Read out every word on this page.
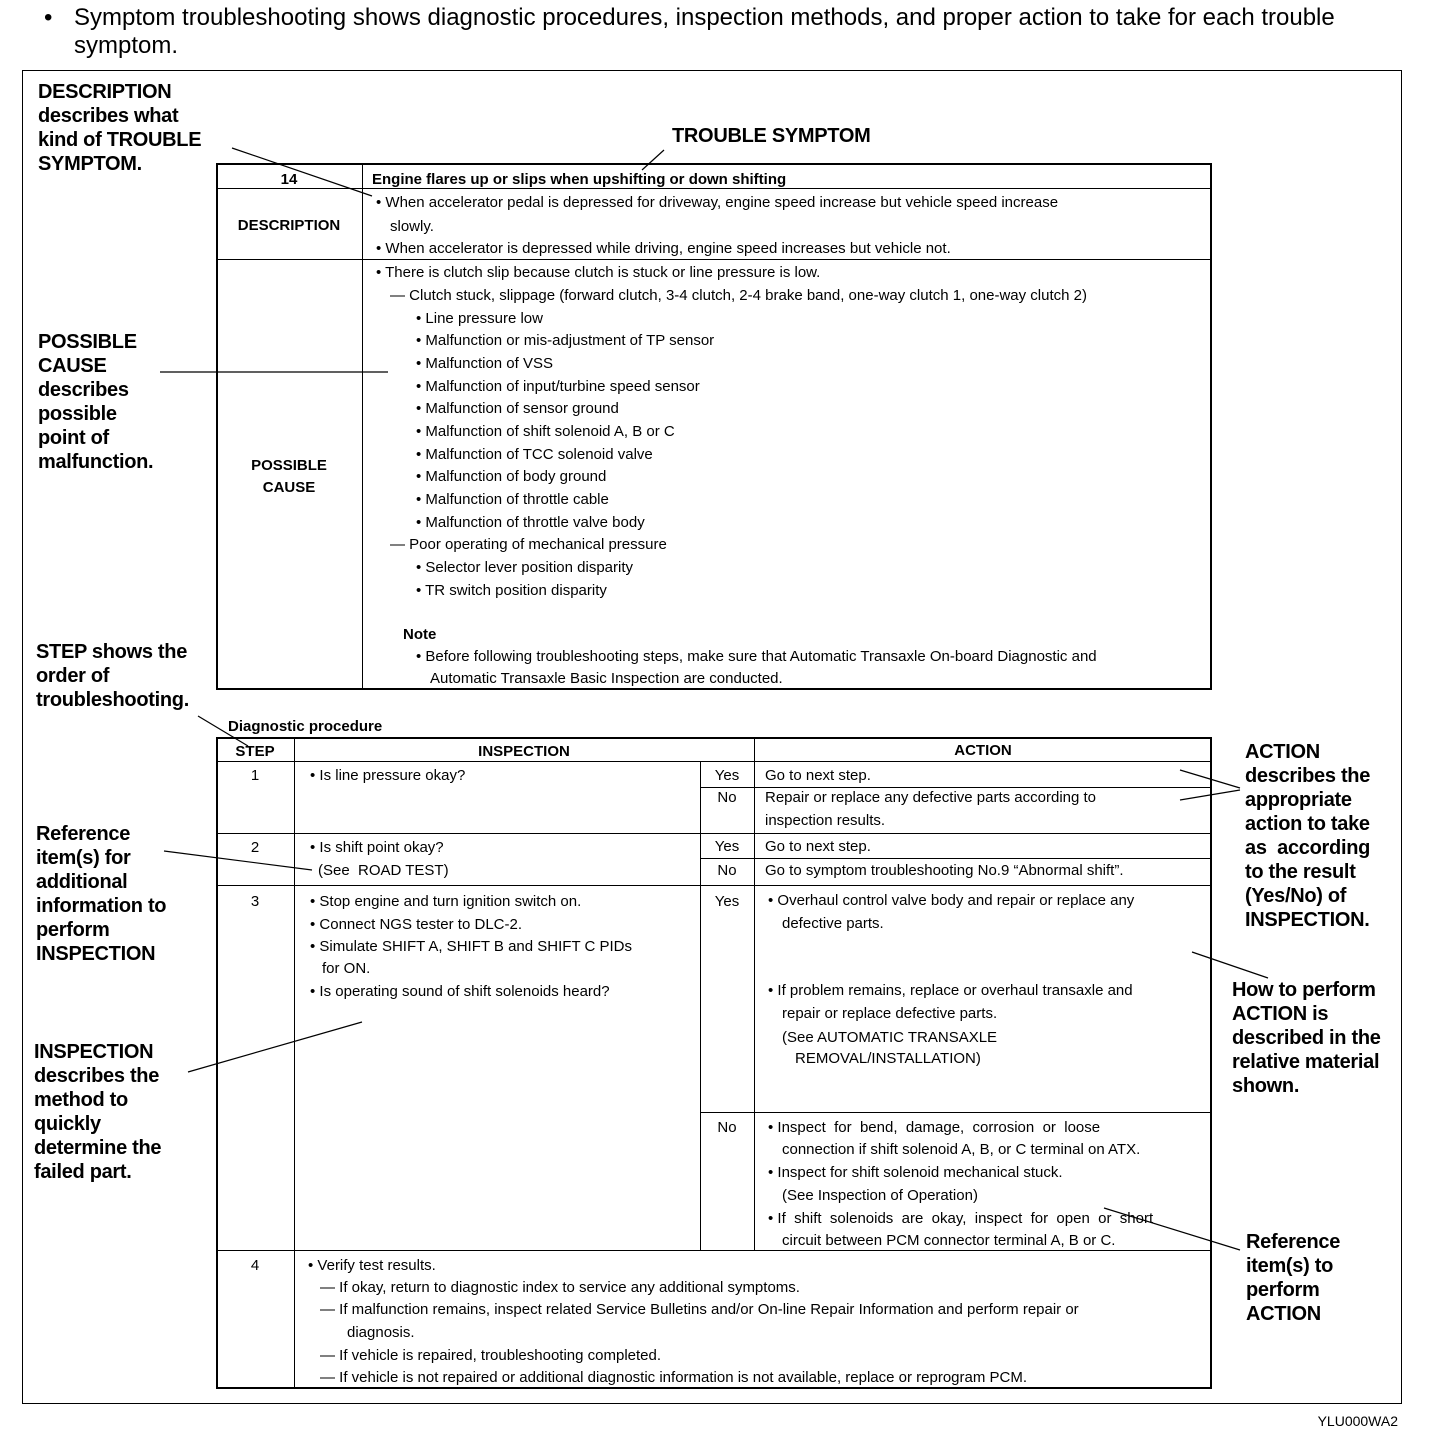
• Symptom troubleshooting shows diagnostic procedures, inspection methods, and proper action to take for each trouble symptom.
DESCRIPTION
describes what
kind of TROUBLE
SYMPTOM.
TROUBLE SYMPTOM
POSSIBLE
CAUSE
describes
possible
point of
malfunction.
STEP shows the
order of
troubleshooting.
Reference
item(s) for
additional
information to
perform
INSPECTION
INSPECTION
describes the
method to
quickly
determine the
failed part.
ACTION
describes the
appropriate
action to take
as  according
to the result
(Yes/No) of
INSPECTION.
How to perform
ACTION is
described in the
relative material
shown.
Reference
item(s) to
perform
ACTION
14	Engine flares up or slips when upshifting or down shifting
DESCRIPTION
• When accelerator pedal is depressed for driveway, engine speed increase but vehicle speed increase
slowly.
• When accelerator is depressed while driving, engine speed increases but vehicle not.
POSSIBLE
CAUSE
• There is clutch slip because clutch is stuck or line pressure is low.
— Clutch stuck, slippage (forward clutch, 3-4 clutch, 2-4 brake band, one-way clutch 1, one-way clutch 2)
• Line pressure low
• Malfunction or mis-adjustment of TP sensor
• Malfunction of VSS
• Malfunction of input/turbine speed sensor
• Malfunction of sensor ground
• Malfunction of shift solenoid A, B or C
• Malfunction of TCC solenoid valve
• Malfunction of body ground
• Malfunction of throttle cable
• Malfunction of throttle valve body
— Poor operating of mechanical pressure
• Selector lever position disparity
• TR switch position disparity
Note
• Before following troubleshooting steps, make sure that Automatic Transaxle On-board Diagnostic and
Automatic Transaxle Basic Inspection are conducted.
Diagnostic procedure
STEP	INSPECTION	ACTION
1	• Is line pressure okay?	Yes	Go to next step.
No	Repair or replace any defective parts according to
inspection results.
2	• Is shift point okay?
(See  ROAD TEST)
Yes	Go to next step.
No	Go to symptom troubleshooting No.9 “Abnormal shift”.
3	• Stop engine and turn ignition switch on.
• Connect NGS tester to DLC-2.
• Simulate SHIFT A, SHIFT B and SHIFT C PIDs
for ON.
• Is operating sound of shift solenoids heard?
Yes	• Overhaul control valve body and repair or replace any
defective parts.
• If problem remains, replace or overhaul transaxle and
repair or replace defective parts.
(See AUTOMATIC TRANSAXLE
REMOVAL/INSTALLATION)
No	• Inspect  for  bend,  damage,  corrosion  or  loose
connection if shift solenoid A, B, or C terminal on ATX.
• Inspect for shift solenoid mechanical stuck.
(See Inspection of Operation)
• If  shift  solenoids  are  okay,  inspect  for  open  or  short
circuit between PCM connector terminal A, B or C.
4	• Verify test results.
— If okay, return to diagnostic index to service any additional symptoms.
— If malfunction remains, inspect related Service Bulletins and/or On-line Repair Information and perform repair or
diagnosis.
— If vehicle is repaired, troubleshooting completed.
— If vehicle is not repaired or additional diagnostic information is not available, replace or reprogram PCM.
YLU000WA2
